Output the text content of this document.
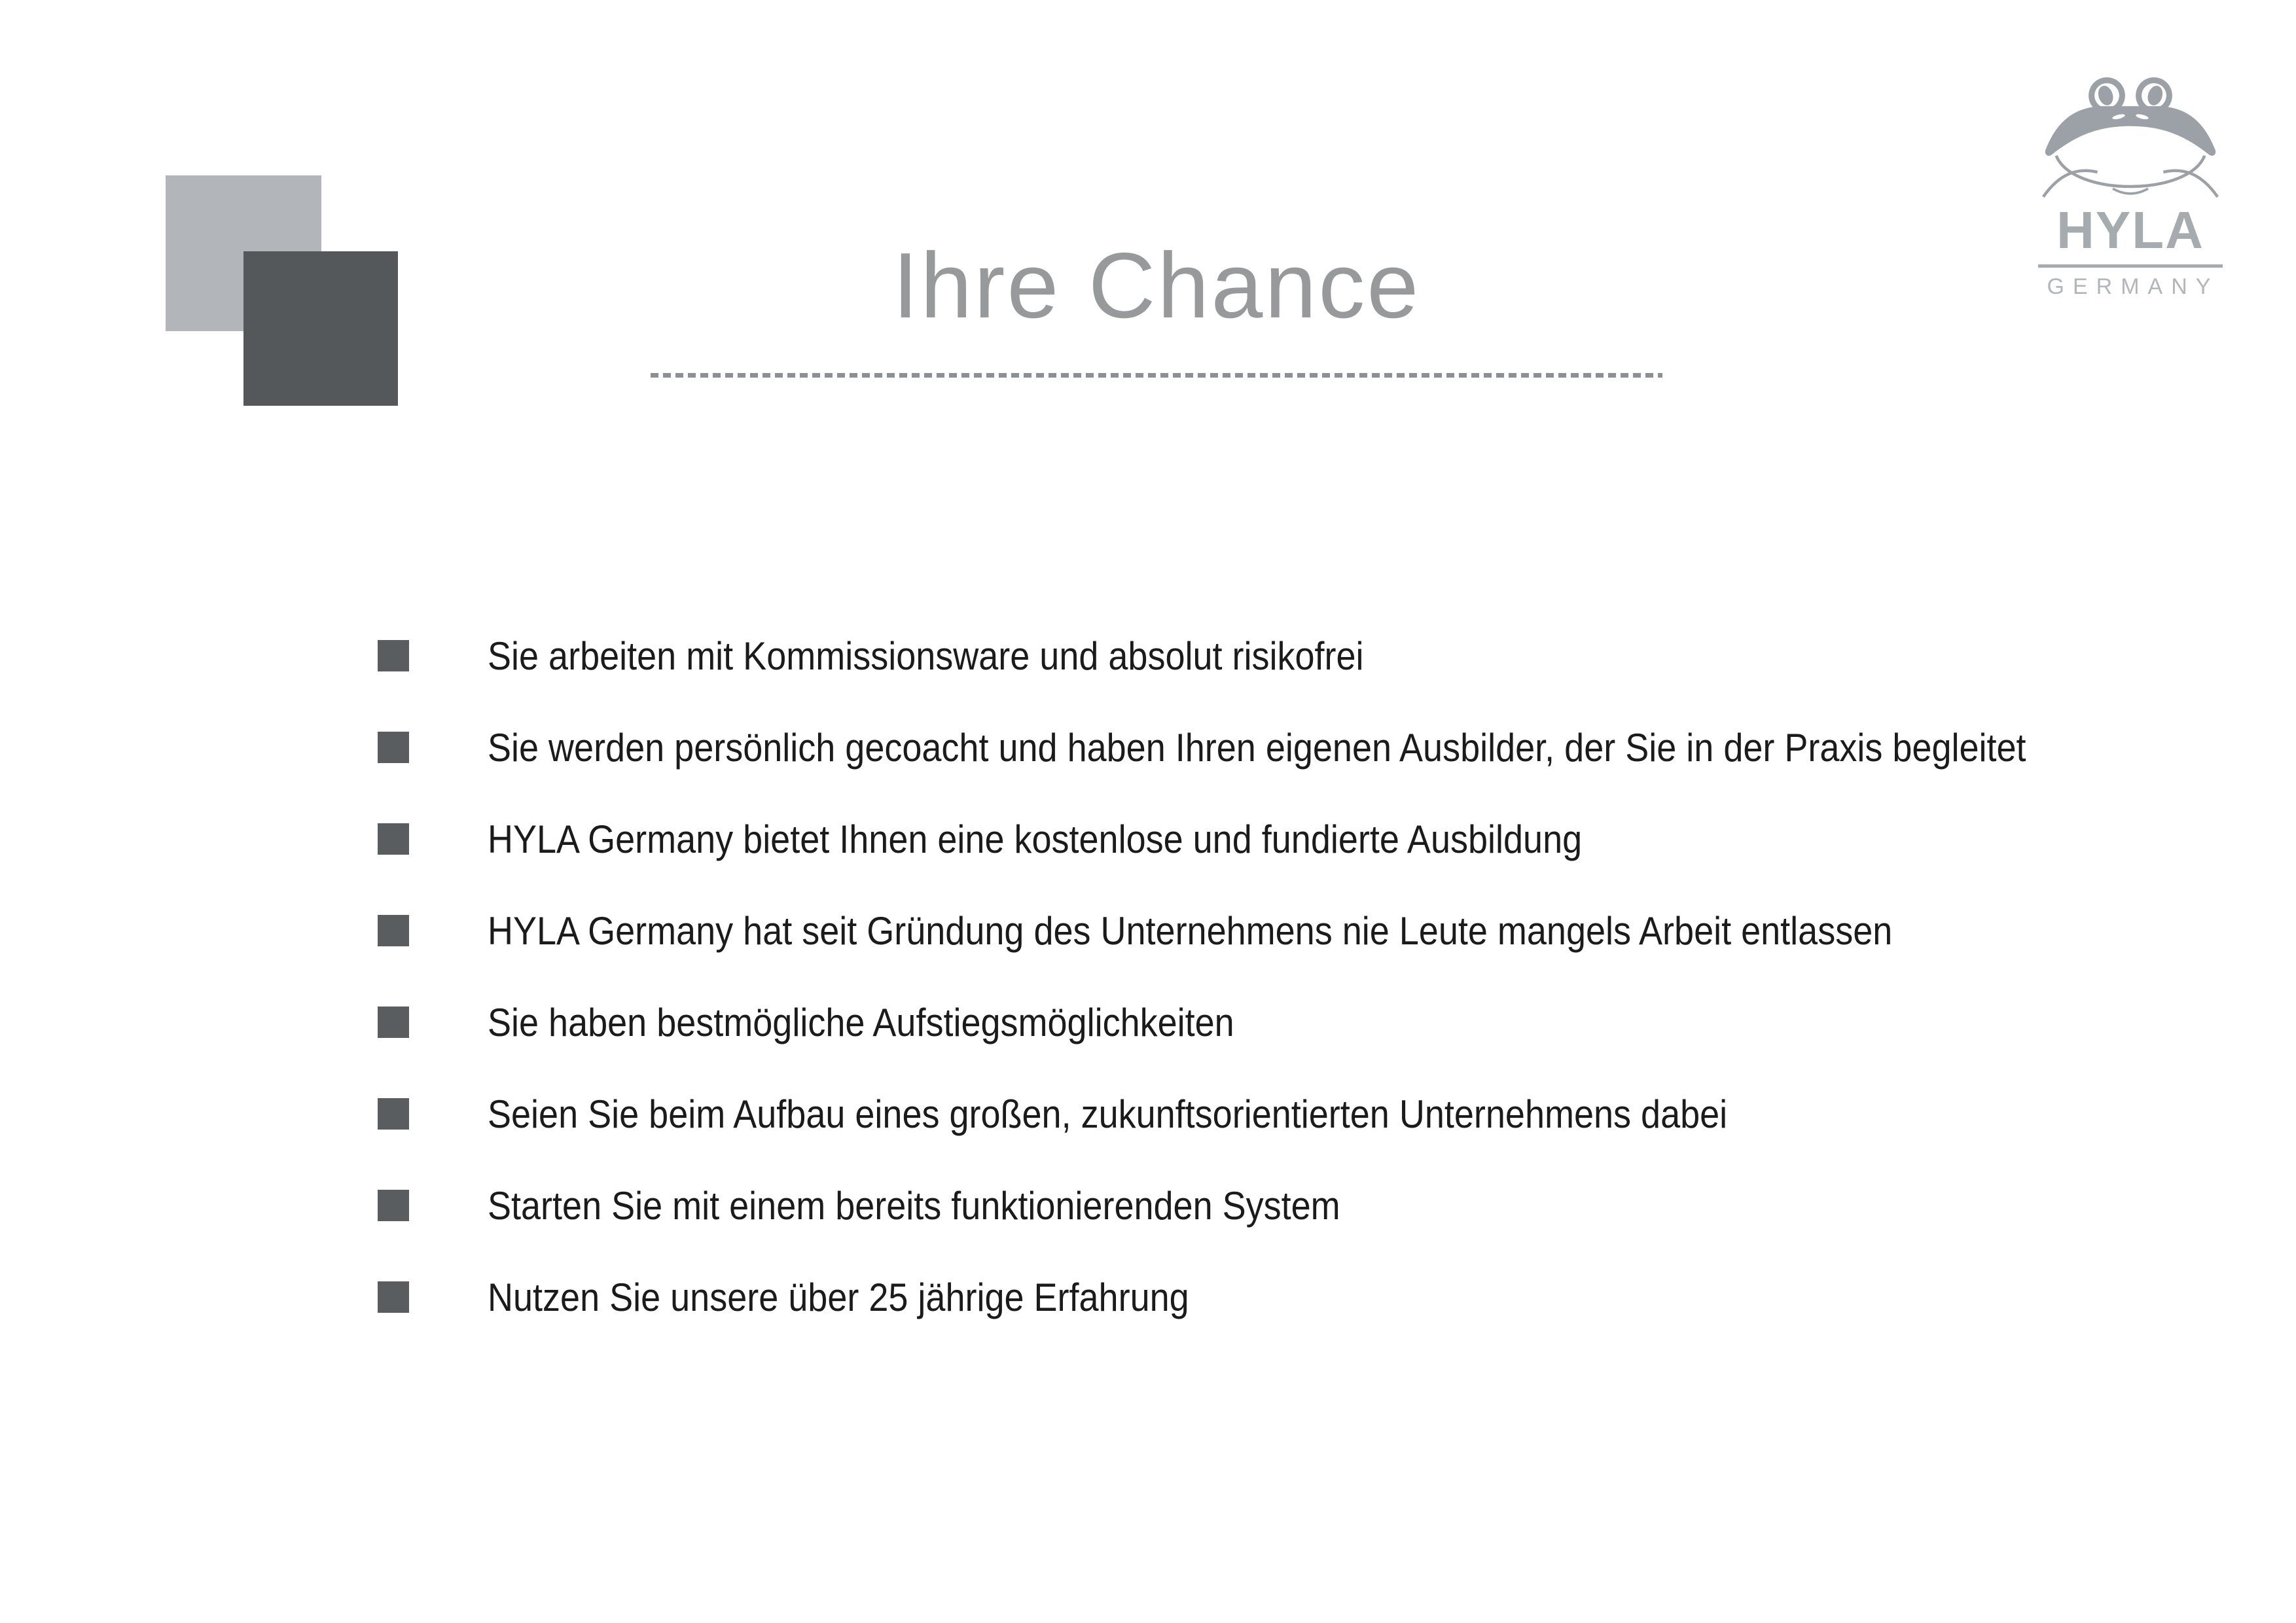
Ihre Chance
HYLA
GERMANY
Sie arbeiten mit Kommissionsware und absolut risikofrei
Sie werden persönlich gecoacht und haben Ihren eigenen Ausbilder, der Sie in der Praxis begleitet
HYLA Germany bietet Ihnen eine kostenlose und fundierte Ausbildung
HYLA Germany hat seit Gründung des Unternehmens nie Leute mangels Arbeit entlassen
Sie haben bestmögliche Aufstiegsmöglichkeiten
Seien Sie beim Aufbau eines großen, zukunftsorientierten Unternehmens dabei
Starten Sie mit einem bereits funktionierenden System
Nutzen Sie unsere über 25 jährige Erfahrung
